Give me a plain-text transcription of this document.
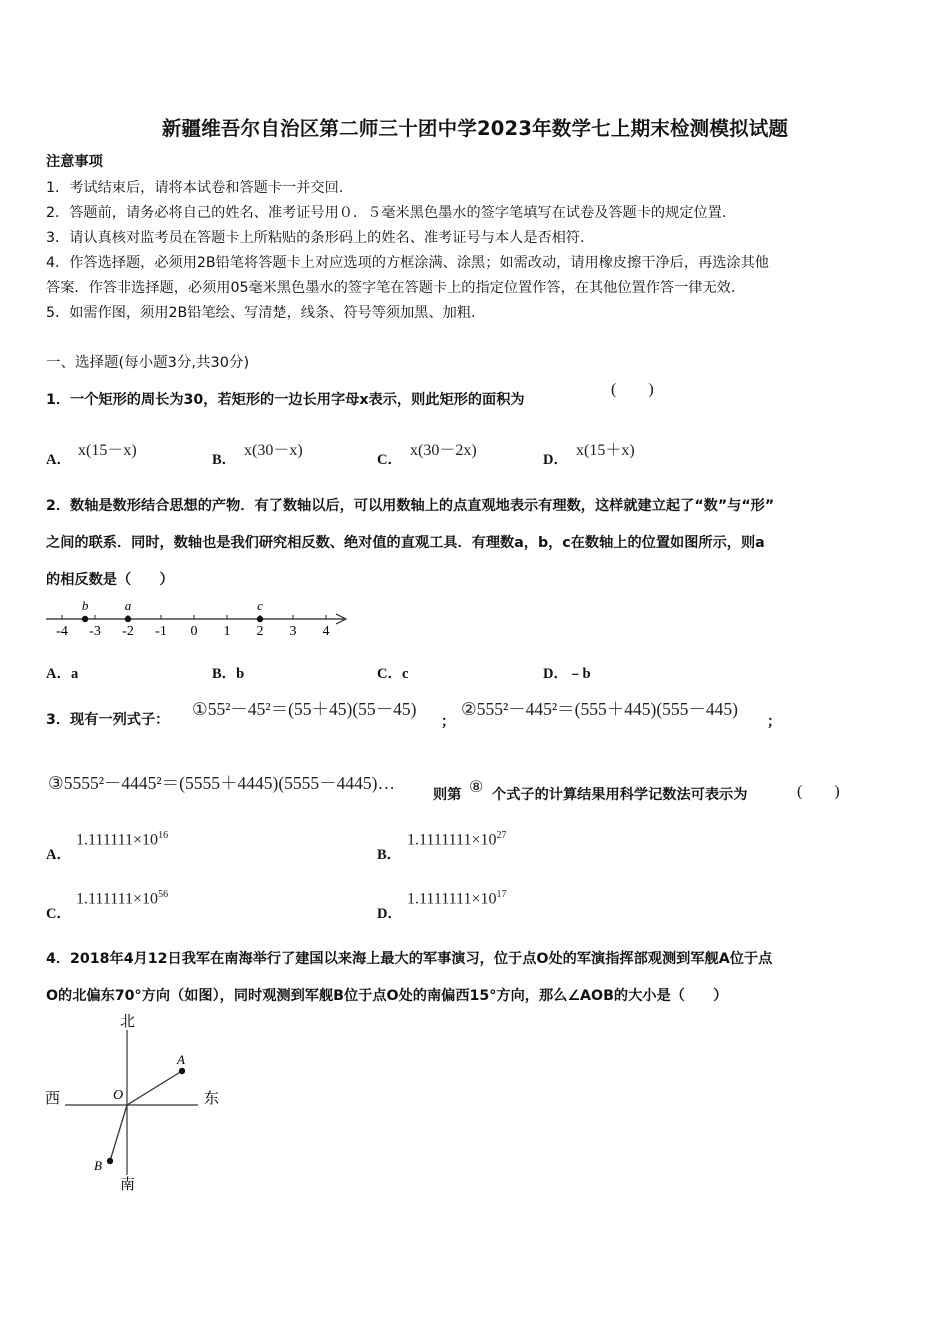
新疆维吾尔自治区第二师三十团中学2023年数学七上期末检测模拟试题
注意事项
1．考试结束后，请将本试卷和答题卡一并交回.
2．答题前，请务必将自己的姓名、准考证号用０．５毫米黑色墨水的签字笔填写在试卷及答题卡的规定位置.
3．请认真核对监考员在答题卡上所粘贴的条形码上的姓名、准考证号与本人是否相符.
4．作答选择题，必须用2B铅笔将答题卡上对应选项的方框涂满、涂黑；如需改动，请用橡皮擦干净后，再选涂其他
答案．作答非选择题，必须用05毫米黑色墨水的签字笔在答题卡上的指定位置作答，在其他位置作答一律无效.
5．如需作图，须用2B铅笔绘、写清楚，线条、符号等须加黑、加粗.
一、选择题(每小题3分,共30分)
1．一个矩形的周长为30，若矩形的一边长用字母x表示，则此矩形的面积为
(　　)
A．
x(15－x)
B．
x(30－x)
C．
x(30－2x)
D．
x(15＋x)
2．数轴是数形结合思想的产物．有了数轴以后，可以用数轴上的点直观地表示有理数，这样就建立起了“数”与“形”
之间的联系．同时，数轴也是我们研究相反数、绝对值的直观工具．有理数a，b，c在数轴上的位置如图所示，则a
的相反数是（　　）
-4 -3 -2 -1 0 1 2 3 4
b	a	c
A．a	B．b	C．c	D．﹣b
3．现有一列式子：
①55²－45²＝(55＋45)(55－45)
；
②555²－445²＝(555＋445)(555－445)
；
③5555²－4445²＝(5555＋4445)(5555－4445)…
则第 ⑧ 个式子的计算结果用科学记数法可表示为	(　　)
A．
$1.111111\times 10^{16}$
B．
$1.1111111\times 10^{27}$
C．
$1.111111\times 10^{56}$
D．
$1.1111111\times 10^{17}$
4．2018年4月12日我军在南海举行了建国以来海上最大的军事演习，位于点O处的军演指挥部观测到军舰A位于点
O的北偏东70°方向（如图），同时观测到军舰B位于点O处的南偏西15°方向，那么∠AOB的大小是（　　）
北
南
西	东
O
A
B
